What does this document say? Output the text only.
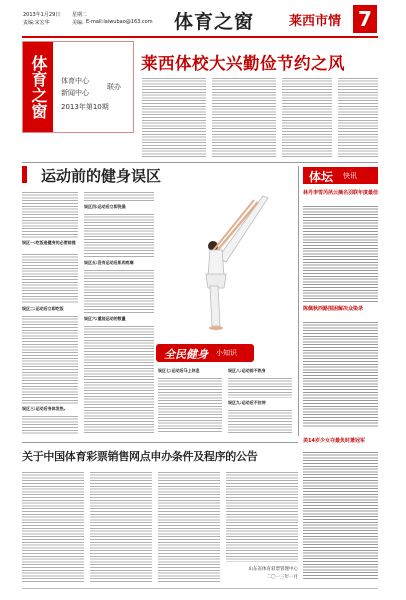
2013年1月29日 星期二
责编:宋宏华	美编: E-mail:laiwubao@163.com 体育之窗	莱西市情 7
体育之窗	体育中心
新闻中心
联办
2013年第10期
莱西体校大兴勤俭节约之风
运动前的健身误区
误区一:吃饭是健身的必要前提
误区二:运动后立即吃饭
误区三:运动后身体发热,
误区四:运动后立即洗澡
误区五:没有运动后肌肉疼痛
误区六:重视运动的数量
全民健身 小知识
误区七:运动后马上休息	误区八:运动前不热身
误区九:运动后不拉伸
体坛 快讯
林丹李雪芮夙云摘名羽联年度最佳
陈佩秋西路围困解决众染录
美14岁少女夺最负时萧冠军
关于中国体育彩票销售网点申办条件及程序的公告
山东省体育彩票管理中心
二〇一三年一月
